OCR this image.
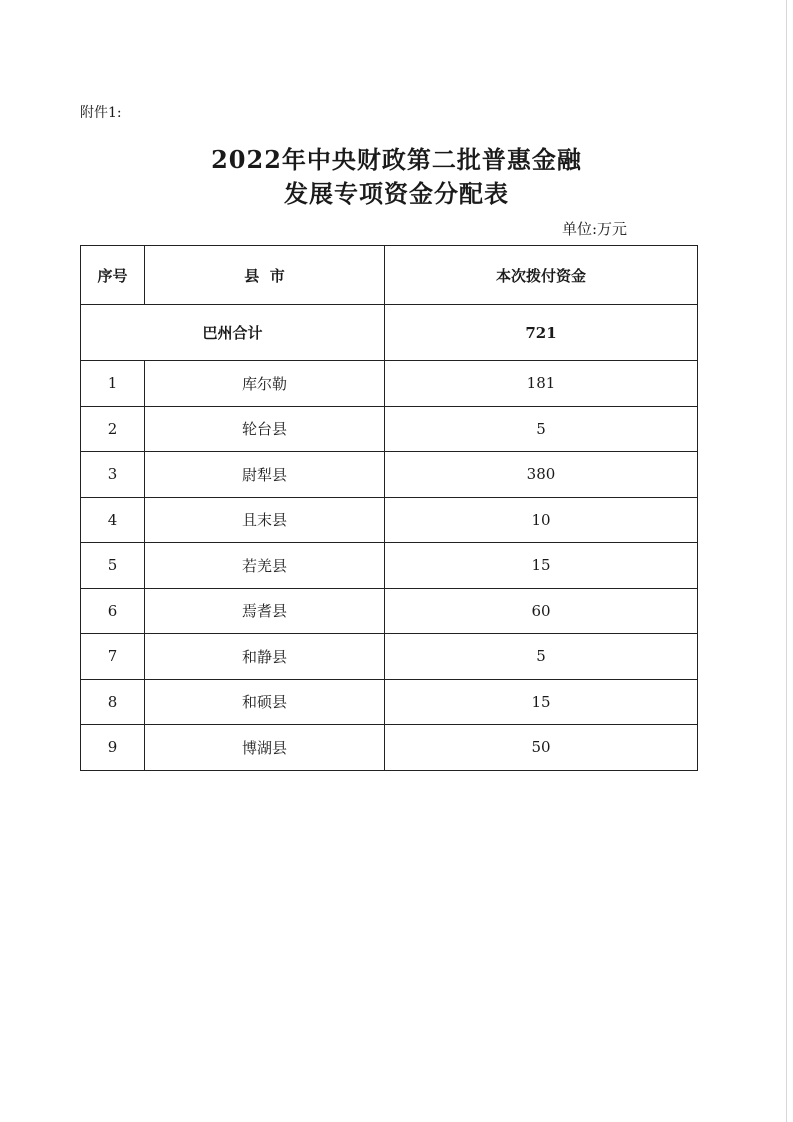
附件1:
2022年中央财政第二批普惠金融
发展专项资金分配表
单位:万元
序号	县  市	本次拨付资金
巴州合计		721
1	库尔勒	181
2	轮台县	5
3	尉犁县	380
4	且末县	10
5	若羌县	15
6	焉耆县	60
7	和静县	5
8	和硕县	15
9	博湖县	50
